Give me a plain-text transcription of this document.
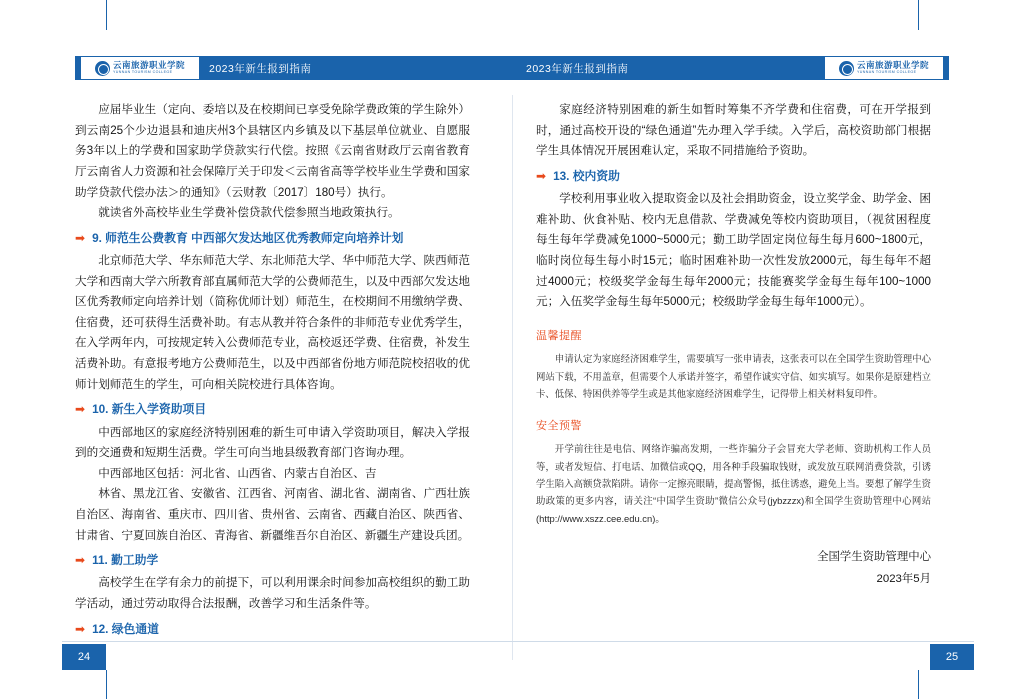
云南旅游职业学院
YUNNAN TOURISM COLLEGE	2023年新生报到指南	2023年新生报到指南	云南旅游职业学院
YUNNAN TOURISM COLLEGE

应届毕业生（定向、委培以及在校期间已享受免除学费政策的学生除外）到云南25个少边退县和迪庆州3个县辖区内乡镇及以下基层单位就业、自愿服务3年以上的学费和国家助学贷款实行代偿。按照《云南省财政厅云南省教育厅云南省人力资源和社会保障厅关于印发＜云南省高等学校毕业生学费和国家助学贷款代偿办法＞的通知》（云财教〔2017〕180号）执行。

就读省外高校毕业生学费补偿贷款代偿参照当地政策执行。

➡ 9. 师范生公费教育 中西部欠发达地区优秀教师定向培养计划

北京师范大学、华东师范大学、东北师范大学、华中师范大学、陕西师范大学和西南大学六所教育部直属师范大学的公费师范生，以及中西部欠发达地区优秀教师定向培养计划（简称优师计划）师范生，在校期间不用缴纳学费、住宿费，还可获得生活费补助。有志从教并符合条件的非师范专业优秀学生，在入学两年内，可按规定转入公费师范专业，高校返还学费、住宿费，补发生活费补助。有意报考地方公费师范生，以及中西部省份地方师范院校招收的优师计划师范生的学生，可向相关院校进行具体咨询。

➡ 10. 新生入学资助项目

中西部地区的家庭经济特别困难的新生可申请入学资助项目，解决入学报到的交通费和短期生活费。学生可向当地县级教育部门咨询办理。

中西部地区包括：河北省、山西省、内蒙古自治区、吉

林省、黑龙江省、安徽省、江西省、河南省、湖北省、湖南省、广西壮族自治区、海南省、重庆市、四川省、贵州省、云南省、西藏自治区、陕西省、甘肃省、宁夏回族自治区、青海省、新疆维吾尔自治区、新疆生产建设兵团。

➡ 11. 勤工助学

高校学生在学有余力的前提下，可以利用课余时间参加高校组织的勤工助学活动，通过劳动取得合法报酬，改善学习和生活条件等。

➡ 12. 绿色通道

家庭经济特别困难的新生如暂时筹集不齐学费和住宿费，可在开学报到时，通过高校开设的“绿色通道”先办理入学手续。入学后，高校资助部门根据学生具体情况开展困难认定，采取不同措施给予资助。

➡ 13. 校内资助

学校利用事业收入提取资金以及社会捐助资金，设立奖学金、助学金、困难补助、伙食补贴、校内无息借款、学费减免等校内资助项目，（视贫困程度每生每年学费减免1000~5000元；勤工助学固定岗位每生每月600~1800元，临时岗位每生每小时15元；临时困难补助一次性发放2000元，每生每年不超过4000元；校级奖学金每生每年2000元；技能赛奖学金每生每年100~1000元；入伍奖学金每生每年5000元；校级助学金每生每年1000元）。

温馨提醒

申请认定为家庭经济困难学生，需要填写一张申请表，这张表可以在全国学生资助管理中心网站下载，不用盖章，但需要个人承诺并签字，希望作诚实守信、如实填写。如果你是原建档立卡、低保、特困供养等学生或是其他家庭经济困难学生，记得带上相关材料复印件。

安全预警

开学前往往是电信、网络诈骗高发期，一些诈骗分子会冒充大学老师、资助机构工作人员等，或者发短信、打电话、加微信或QQ，用各种手段骗取钱财，或发放互联网消费贷款，引诱学生陷入高额贷款陷阱。请你一定擦亮眼睛，提高警惕，抵住诱惑，避免上当。要想了解学生资助政策的更多内容，请关注“中国学生资助”微信公众号(jybzzzx)和全国学生资助管理中心网站(http://www.xszz.cee.edu.cn)。

全国学生资助管理中心
2023年5月
24	25
